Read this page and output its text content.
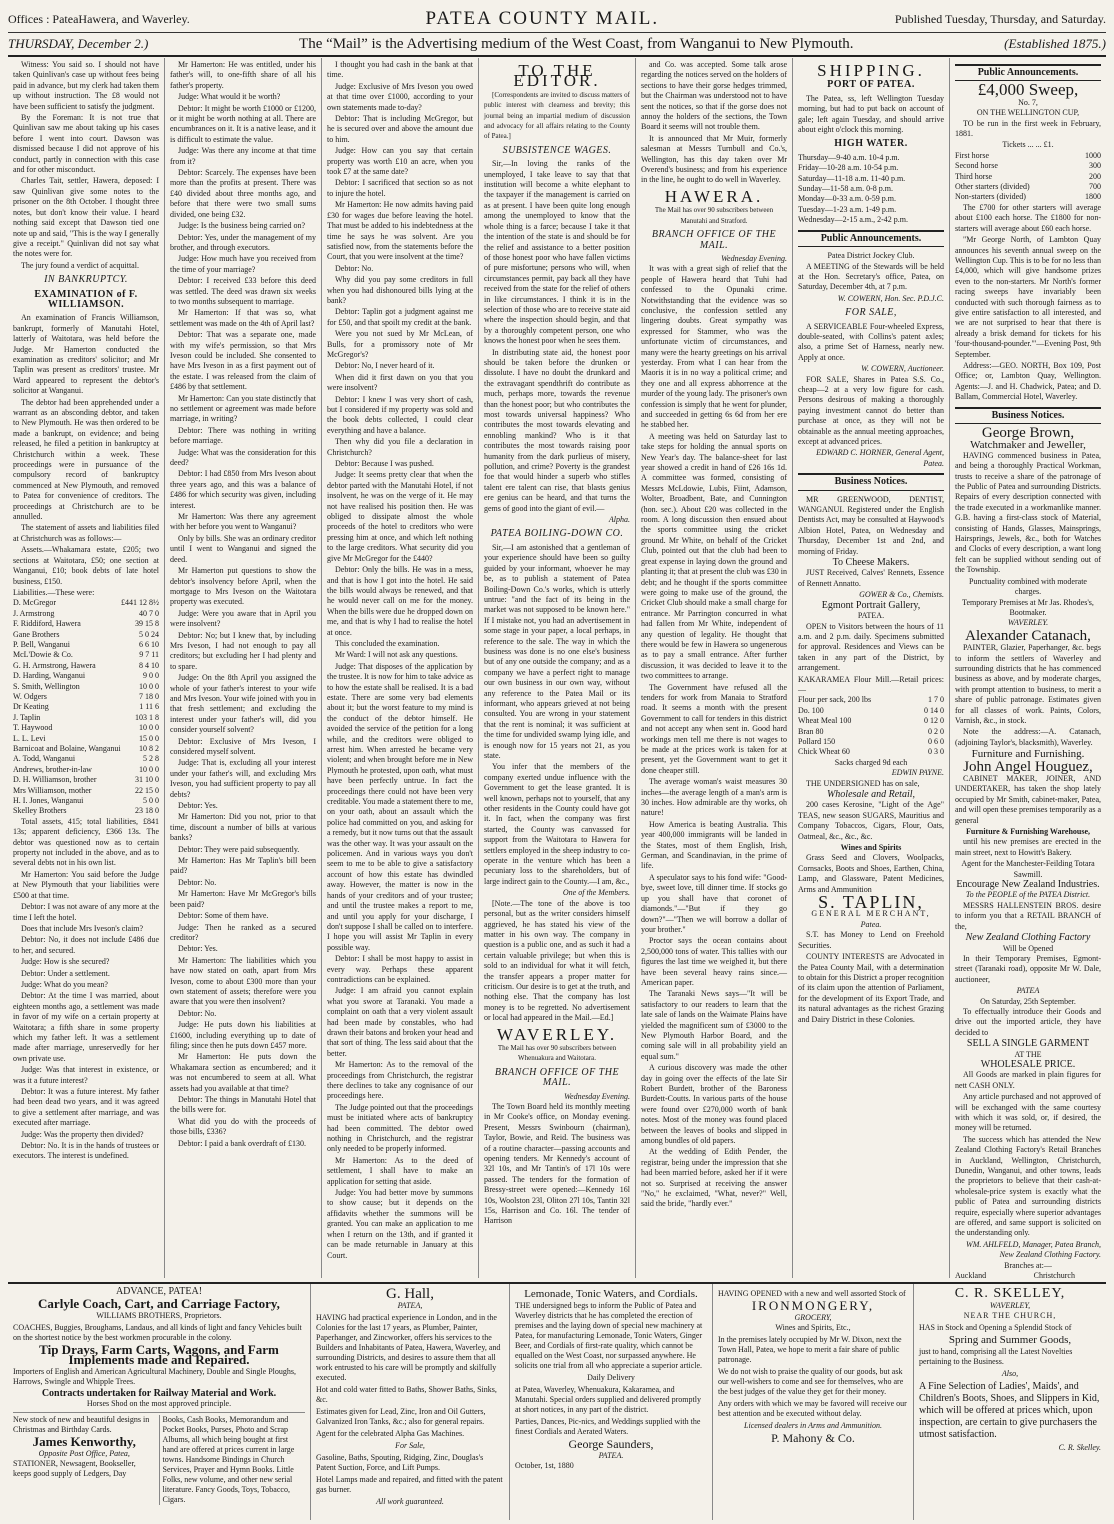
Offices : PateaHawera, and Waverley.	PATEA COUNTY MAIL.	Published Tuesday, Thursday, and Saturday.
THURSDAY, December 2.)	The “Mail” is the Advertising medium of the West Coast, from Wanganui to New Plymouth.	(Established 1875.)

Witness: You said so. I should not have taken Quinlivan's case up without fees being paid in advance, but my clerk had taken them up without instruction. The £8 would not have been sufficient to satisfy the judgment.

By the Foreman: It is not true that Quinlivan saw me about taking up his cases before I went into court. Dawson was dismissed because I did not approve of his conduct, partly in connection with this case and for other misconduct.

Charles Tait, settler, Hawera, deposed: I saw Quinlivan give some notes to the prisoner on the 8th October. I thought three notes, but don't know their value. I heard nothing said except that Dawson tied one note up and said, "This is the way I generally give a receipt." Quinlivan did not say what the notes were for.

The jury found a verdict of acquittal.

IN BANKRUPTCY.
EXAMINATION of F. WILLIAMSON.

An examination of Francis Williamson, bankrupt, formerly of Manutahi Hotel, latterly of Waitotara, was held before the Judge. Mr Hamerton conducted the examination as creditors' solicitor; and Mr Taplin was present as creditors' trustee. Mr Ward appeared to represent the debtor's solicitor at Wanganui.

The debtor had been apprehended under a warrant as an absconding debtor, and taken to New Plymouth. He was then ordered to be made a bankrupt, on evidence; and being released, he filed a petition in bankruptcy at Christchurch within a week. These proceedings were in pursuance of the compulsory record of bankruptcy commenced at New Plymouth, and removed to Patea for convenience of creditors. The proceedings at Christchurch are to be annulled.

The statement of assets and liabilities filed at Christchurch was as follows:—

Assets.—Whakamara estate, £205; two sections at Waitotara, £50; one section at Wanganui, £10; book debts of late hotel business, £150.

Liabilities.—These were:
D. McGregor	£441 12 8½
J. Armstrong	40 7 0
F. Riddiford, Hawera	39 15 8
Gane Brothers	5 0 24
P. Bell, Wanganui	6 6 10
McL'Dowie & Co.	9 7 11
G. H. Armstrong, Hawera	8 4 10
D. Harding, Wanganui	9 0 0
S. Smith, Wellington	10 0 0
W. Odgers	7 18 0
Dr Keating	1 11 6
J. Taplin	103 1 8
T. Haywood	10 0 0
L. L. Levi	15 0 0
Barnicoat and Bolaine, Wanganui	10 8 2
A. Todd, Wanganui	5 2 8
Andrews, brother-in-law	10 0 0
D. H. Williamson, brother	31 10 0
Mrs Williamson, mother	22 15 0
H. I. Jones, Wanganui	5 0 0
Skelley Brothers	23 18 0

Total assets, 415; total liabilities, £841 13s; apparent deficiency, £366 13s. The debtor was questioned now as to certain property not included in the above, and as to several debts not in his own list.

Mr Hamerton: You said before the Judge at New Plymouth that your liabilities were £500 at that time.

Debtor: I was not aware of any more at the time I left the hotel.

Does that include Mrs Iveson's claim?

Debtor: No, it does not include £486 due to her, and secured.

Judge: How is she secured?

Debtor: Under a settlement.

Judge: What do you mean?

Debtor: At the time I was married, about eighteen months ago, a settlement was made in favor of my wife on a certain property at Waitotara; a fifth share in some property which my father left. It was a settlement made after marriage, unreservedly for her own private use.

Judge: Was that interest in existence, or was it a future interest?

Debtor: It was a future interest. My father had been dead two years, and it was agreed to give a settlement after marriage, and was executed after marriage.

Judge: Was the property then divided?

Debtor: No. It is in the hands of trustees or executors. The interest is undefined.

Mr Hamerton: He was entitled, under his father's will, to one-fifth share of all his father's property.

Judge: What would it be worth?

Debtor: It might be worth £1000 or £1200, or it might be worth nothing at all. There are encumbrances on it. It is a native lease, and it is difficult to estimate the value.

Judge: Was there any income at that time from it?

Debtor: Scarcely. The expenses have been more than the profits at present. There was £40 divided about three months ago, and before that there were two small sums divided, one being £32.

Judge: Is the business being carried on?

Debtor: Yes, under the management of my brother, and through executors.

Judge: How much have you received from the time of your marriage?

Debtor: I received £33 before this deed was settled. The deed was drawn six weeks to two months subsequent to marriage.

Mr Hamerton: If that was so, what settlement was made on the 4th of April last?

Debtor: That was a separate one, made with my wife's permission, so that Mrs Iveson could be included. She consented to have Mrs Iveson in as a first payment out of the estate. I was released from the claim of £486 by that settlement.

Mr Hamerton: Can you state distinctly that no settlement or agreement was made before marriage, in writing?

Debtor: There was nothing in writing before marriage.

Judge: What was the consideration for this deed?

Debtor: I had £850 from Mrs Iveson about three years ago, and this was a balance of £486 for which security was given, including interest.

Mr Hamerton: Was there any agreement with her before you went to Wanganui?

Only by bills. She was an ordinary creditor until I went to Wanganui and signed the deed.

Mr Hamerton put questions to show the debtor's insolvency before April, when the mortgage to Mrs Iveson on the Waitotara property was executed.

Judge: Were you aware that in April you were insolvent?

Debtor: No; but I knew that, by including Mrs Iveson, I had not enough to pay all creditors; but excluding her I had plenty and to spare.

Judge: On the 8th April you assigned the whole of your father's interest to your wife and Mrs Iveson. Your wife joined with you in that fresh settlement; and excluding the interest under your father's will, did you consider yourself solvent?

Debtor: Exclusive of Mrs Iveson, I considered myself solvent.

Judge: That is, excluding all your interest under your father's will, and excluding Mrs Iveson, you had sufficient property to pay all debts?

Debtor: Yes.

Mr Hamerton: Did you not, prior to that time, discount a number of bills at various banks?

Debtor: They were paid subsequently.

Mr Hamerton: Has Mr Taplin's bill been paid?

Debtor: No.

Mr Hamerton: Have Mr McGregor's bills been paid?

Debtor: Some of them have.

Judge: Then he ranked as a secured creditor?

Debtor: Yes.

Mr Hamerton: The liabilities which you have now stated on oath, apart from Mrs Iveson, come to about £300 more than your own statement of assets; therefore were you aware that you were then insolvent?

Debtor: No.

Judge: He puts down his liabilities at £1600, including everything up to date of filing; since then he puts down £457 more.

Mr Hamerton: He puts down the Whakamara section as encumbered; and it was not encumbered to seem at all. What assets had you available at that time?

Debtor: The things in Manutahi Hotel that the bills were for.

What did you do with the proceeds of those bills, £336?

Debtor: I paid a bank overdraft of £130.

I thought you had cash in the bank at that time.

Judge: Exclusive of Mrs Iveson you owed at that time over £1000, according to your own statements made to-day?

Debtor: That is including McGregor, but he is secured over and above the amount due to him.

Judge: How can you say that certain property was worth £10 an acre, when you took £7 at the same date?

Debtor: I sacrificed that section so as not to injure the hotel.

Mr Hamerton: He now admits having paid £30 for wages due before leaving the hotel. That must be added to his indebtedness at the time he says he was solvent. Are you satisfied now, from the statements before the Court, that you were insolvent at the time?

Debtor: No.

Why did you pay some creditors in full when you had dishonoured bills lying at the bank?

Debtor: Taplin got a judgment against me for £50, and that spoilt my credit at the bank.

Were you not sued by Mr McLean, of Bulls, for a promissory note of Mr McGregor's?

Debtor: No, I never heard of it.

When did it first dawn on you that you were insolvent?

Debtor: I knew I was very short of cash, but I considered if my property was sold and the book debts collected, I could clear everything and have a balance.

Then why did you file a declaration in Christchurch?

Debtor: Because I was pushed.

Judge: It seems pretty clear that when the debtor parted with the Manutahi Hotel, if not insolvent, he was on the verge of it. He may not have realised his position then. He was obliged to dissipate almost the whole proceeds of the hotel to creditors who were pressing him at once, and which left nothing to the large creditors. What security did you give Mr McGregor for the £440?

Debtor: Only the bills. He was in a mess, and that is how I got into the hotel. He said the bills would always be renewed, and that he would never call on me for the money. When the bills were due he dropped down on me, and that is why I had to realise the hotel at once.

This concluded the examination.

Mr Ward: I will not ask any questions.

Judge: That disposes of the application by the trustee. It is now for him to take advice as to how the estate shall be realised. It is a bad estate. There are some very bad elements about it; but the worst feature to my mind is the conduct of the debtor himself. He avoided the service of the petition for a long while, and the creditors were obliged to arrest him. When arrested he became very violent; and when brought before me in New Plymouth he protested, upon oath, what must have been perfectly untrue. In fact the proceedings there could not have been very creditable. You made a statement there to me, on your oath, about an assault which the police had committed on you, and asking for a remedy, but it now turns out that the assault was the other way. It was your assault on the policemen. And in various ways you don't seem to me to be able to give a satisfactory account of how this estate has dwindled away. However, the matter is now in the hands of your creditors and of your trustee; and until the trustee makes a report to me, and until you apply for your discharge, I don't suppose I shall be called on to interfere. I hope you will assist Mr Taplin in every possible way.

Debtor: I shall be most happy to assist in every way. Perhaps these apparent contradictions can be explained.

Judge: I am afraid you cannot explain what you swore at Taranaki. You made a complaint on oath that a very violent assault had been made by constables, who had drawn their batons and broken your head and that sort of thing. The less said about that the better.

Mr Hamerton: As to the removal of the proceedings from Christchurch, the registrar there declines to take any cognisance of our proceedings here.

The Judge pointed out that the proceedings must be initiated where acts of bankruptcy had been committed. The debtor owed nothing in Christchurch, and the registrar only needed to be properly informed.

Mr Hamerton: As to the deed of settlement, I shall have to make an application for setting that aside.

Judge: You had better move by summons to show cause; but it depends on the affidavits whether the summons will be granted. You can make an application to me when I return on the 13th, and if granted it can be made returnable in January at this Court.

TO THE EDITOR.

[Correspondents are invited to discuss matters of public interest with clearness and brevity; this journal being an impartial medium of discussion and advocacy for all affairs relating to the County of Patea.]

SUBSISTENCE WAGES.

Sir,—In loving the ranks of the unemployed, I take leave to say that that institution will become a white elephant to the taxpayer if the management is carried on as at present. I have been quite long enough among the unemployed to know that the whole thing is a farce; because I take it that the intention of the state is and should be for the relief and assistance to a better position of those honest poor who have fallen victims of pure misfortune; persons who will, when circumstances permit, pay back all they have received from the state for the relief of others in like circumstances. I think it is in the selection of those who are to receive state aid where the inspection should begin, and that by a thoroughly competent person, one who knows the honest poor when he sees them.

In distributing state aid, the honest poor should be taken before the drunken or dissolute. I have no doubt the drunkard and the extravagant spendthrift do contribute as much, perhaps more, towards the revenue than the honest poor; but who contributes the most towards universal happiness? Who contributes the most towards elevating and ennobling mankind? Who is it that contributes the most towards raising poor humanity from the dark purlieus of misery, pollution, and crime? Poverty is the grandest foe that would hinder a superb who stifles talent ere talent can rise, that blasts genius ere genius can be heard, and that turns the gems of good into the giant of evil.—

Alpha.
PATEA BOILING-DOWN CO.

Sir,—I am astonished that a gentleman of your experience should have been so guilty guided by your informant, whoever he may be, as to publish a statement of Patea Boiling-Down Co.'s works, which is utterly untrue: "and the fact of its being in the market was not supposed to be known here." If I mistake not, you had an advertisement in some stage in your paper, a local perhaps, in reference to the sale. The way in which the business was done is no one else's business but of any one outside the company; and as a company we have a perfect right to manage our own business in our own way, without any reference to the Patea Mail or its informant, who appears grieved at not being consulted. You are wrong in your statement that the rent is nominal; it was sufficient at the time for undivided swamp lying idle, and is enough now for 15 years not 21, as you state.

You infer that the members of the company exerted undue influence with the Government to get the lease granted. It is well known, perhaps not to yourself, that any other residents in the County could have got it. In fact, when the company was first started, the County was canvassed for support from the Waitotara to Hawera for settlers employed in the sheep industry to co-operate in the venture which has been a pecuniary loss to the shareholders, but of large indirect gain to the County.—I am, &c.,

One of the Members.

[Note.—The tone of the above is too personal, but as the writer considers himself aggrieved, he has stated his view of the matter in his own way. The company in question is a public one, and as such it had a certain valuable privilege; but when this is sold to an individual for what it will fetch, the transfer appears a proper matter for criticism. Our desire is to get at the truth, and nothing else. That the company has lost money is to be regretted. No advertisement or local had appeared in the Mail.—Ed.]

WAVERLEY.
The Mail has over 90 subscribers between Whenuakura and Waitotara.
BRANCH OFFICE OF THE MAIL.
Wednesday Evening.

The Town Board held its monthly meeting in Mr Cooke's office, on Monday evening. Present, Messrs Swinbourn (chairman), Taylor, Bowie, and Reid. The business was of a routine character—passing accounts and opening tenders. Mr Kennedy's account of 32l 10s, and Mr Tantin's of 17l 10s were passed. The tenders for the formation of Bressy-street were opened:—Kennedy 16l 10s, Woolston 23l, Oliton 27l 10s, Tantin 32l 15s, Harrison and Co. 16l. The tender of Harrison

and Co. was accepted. Some talk arose regarding the notices served on the holders of sections to have their gorse hedges trimmed, but the Chairman was understood not to have sent the notices, so that if the gorse does not annoy the holders of the sections, the Town Board it seems will not trouble them.

It is announced that Mr Muir, formerly salesman at Messrs Turnbull and Co.'s, Wellington, has this day taken over Mr Overend's business; and from his experience in the line, he ought to do well in Waverley.

HAWERA.
The Mail has over 90 subscribers between Manutahi and Stratford.
BRANCH OFFICE OF THE MAIL.
Wednesday Evening.

It was with a great sigh of relief that the people of Hawera heard that Tuhi had confessed to the Opunaki crime. Notwithstanding that the evidence was so conclusive, the confession settled any lingering doubts. Great sympathy was expressed for Stammer, who was the unfortunate victim of circumstances, and many were the hearty greetings on his arrival yesterday. From what I can hear from the Maoris it is in no way a political crime; and they one and all express abhorrence at the murder of the young lady. The prisoner's own confession is simply that he went for plunder, and succeeded in getting 6s 6d from her ere he stabbed her.

A meeting was held on Saturday last to take steps for holding the annual sports on New Year's day. The balance-sheet for last year showed a credit in hand of £26 16s 1d. A committee was formed, consisting of Messrs McLdowie, Lubis, Fiint, Adamson, Wolter, Broadbent, Bate, and Cunnington (hon. sec.). About £20 was collected in the room. A long discussion then ensued about the sports committee using the cricket ground. Mr White, on behalf of the Cricket Club, pointed out that the club had been to great expense in laying down the ground and planting it; that at present the club was £30 in debt; and he thought if the sports committee were going to make use of the ground, the Cricket Club should make a small charge for entrance. Mr Parrington concurred in what had fallen from Mr White, independent of any question of legality. He thought that there would be few in Hawera so ungenerous as to pay a small entrance. After further discussion, it was decided to leave it to the two committees to arrange.

The Government have refused all the tenders for work from Manaia to Stratford road. It seems a month with the present Government to call for tenders in this district and not accept any when sent in. Good hard workings men tell me there is not wages to be made at the prices work is taken for at present, yet the Government want to get it done cheaper still.

The average woman's waist measures 30 inches—the average length of a man's arm is 30 inches. How admirable are thy works, oh nature!

How America is beating Australia. This year 400,000 immigrants will be landed in the States, most of them English, Irish, German, and Scandinavian, in the prime of life.

A speculator says to his fond wife: "Good-bye, sweet love, till dinner time. If stocks go up you shall have that coronet of diamonds."—"But if they go down?"—"Then we will borrow a dollar of your brother."

Proctor says the ocean contains about 2,500,000 tons of water. This tallies with our figures the last time we weighed it, but there have been several heavy rains since.—American paper.

The Taranaki News says—"It will be satisfactory to our readers to learn that the late sale of lands on the Waimate Plains have yielded the magnificent sum of £3000 to the New Plymouth Harbor Board, and the coming sale will in all probability yield an equal sum."

A curious discovery was made the other day in going over the effects of the late Sir Robert Burdett, brother of the Baroness Burdett-Coutts. In various parts of the house were found over £270,000 worth of bank notes. Most of the money was found placed between the leaves of books and slipped in among bundles of old papers.

At the wedding of Edith Pender, the registrar, being under the impression that she had been married before, asked her if it were not so. Surprised at receiving the answer "No," he exclaimed, "What, never?" Well, said the bride, "hardly ever."

SHIPPING.
PORT OF PATEA.

The Patea, ss, left Wellington Tuesday morning, but had to put back on account of gale; left again Tuesday, and should arrive about eight o'clock this morning.

HIGH WATER.
Thursday—9-40 a.m. 10-4 p.m.
Friday—10-28 a.m. 10-54 p.m.
Saturday—11-18 a.m. 11-40 p.m.
Sunday—11-58 a.m. 0-8 p.m.
Monday—0-33 a.m. 0-59 p.m.
Tuesday—1-23 a.m. 1-49 p.m.
Wednesday—2-15 a.m., 2-42 p.m.
Public Announcements.
Patea District Jockey Club.

A MEETING of the Stewards will be held at the Hon. Secretary's office, Patea, on Saturday, December 4th, at 7 p.m.

W. COWERN, Hon. Sec. P.D.J.C.
FOR SALE,

A SERVICEABLE Four-wheeled Express, double-seated, with Collins's patent axles; also, a prime Set of Harness, nearly new. Apply at once.

W. COWERN, Auctioneer.

FOR SALE, Shares in Patea S.S. Co., cheap—2 at a very low figure for cash. Persons desirous of making a thoroughly paying investment cannot do better than purchase at once, as they will not be obtainable as the annual meeting approaches, except at advanced prices.

EDWARD C. HORNER, General Agent, Patea.
Business Notices.

MR GREENWOOD, DENTIST, WANGANUI. Registered under the English Dentists Act, may be consulted at Haywood's Albion Hotel, Patea, on Wednesday and Thursday, December 1st and 2nd, and morning of Friday.

To Cheese Makers.

JUST Received, Calves' Rennets, Essence of Rennett Annatto.

GOWER & Co., Chemists.
Egmont Portrait Gallery,
PATEA.

OPEN to Visitors between the hours of 11 a.m. and 2 p.m. daily. Specimens submitted for approval. Residences and Views can be taken in any part of the District, by arrangement.

KAKARAMEA Flour Mill.—Retail prices:—
Flour per sack, 200 lbs	1 7 0
Do. 100	0 14 0
Wheat Meal 100	0 12 0
Bran 80	0 2 0
Pollard 150	0 6 0
Chick Wheat 60	0 3 0
Sacks charged 9d each
EDWIN PAYNE.

THE UNDERSIGNED has on sale,

Wholesale and Retail,

200 cases Kerosine, "Light of the Age" TEAS, new season SUGARS, Mauritius and Company Tobaccos, Cigars, Flour, Oats, Oatmeal, &c., &c., &c.

Wines and Spirits

Grass Seed and Clovers, Woolpacks, Cornsacks, Boots and Shoes, Earthen, China, Lamp, and Glassware, Patent Medicines, Arms and Ammunition

S. TAPLIN,
GENERAL MERCHANT,
Patea.

S.T. has Money to Lend on Freehold Securities.

COUNTY INTERESTS are Advocated in the Patea County Mail, with a determination to obtain for this District a proper recognition of its claim upon the attention of Parliament, for the development of its Export Trade, and its natural advantages as the richest Grazing and Dairy District in these Colonies.

Public Announcements.
£4,000 Sweep,
No. 7,
ON THE WELLINGTON CUP,

TO be run in the first week in February, 1881.

Tickets ... ... £1.
First horse	1000
Second horse	300
Third horse	200
Other starters (divided)	700
Non-starters (divided)	1800

The £700 for other starters will average about £100 each horse. The £1800 for non-starters will average about £60 each horse.

"Mr George North, of Lambton Quay announces his seventh annual sweep on the Wellington Cup. This is to be for no less than £4,000, which will give handsome prizes even to the non-starters. Mr North's former racing sweeps have invariably been conducted with such thorough fairness as to give entire satisfaction to all interested, and we are not surprised to hear that there is already a brisk demand for tickets for his 'four-thousand-pounder.'"—Evening Post, 9th September.

Address:—GEO. NORTH, Box 109, Post Office; or, Lambton Quay, Wellington. Agents:—J. and H. Chadwick, Patea; and D. Ballam, Commercial Hotel, Waverley.

Business Notices.
George Brown,
Watchmaker and Jeweller,

HAVING commenced business in Patea, and being a thoroughly Practical Workman, trusts to receive a share of the patronage of the Public of Patea and surrounding Districts. Repairs of every description connected with the trade executed in a workmanlike manner. G.B. having a first-class stock of Material, consisting of Hands, Glasses, Mainsprings, Hairsprings, Jewels, &c., both for Watches and Clocks of every description, a want long felt can be supplied without sending out of the Township.

Punctuality combined with moderate charges.
Temporary Premises at Mr Jas. Rhodes's, Bootmaker.
WAVERLEY.
Alexander Catanach,

PAINTER, Glazier, Paperhanger, &c. begs to inform the settlers of Waverley and surrounding districts that he has commenced business as above, and by moderate charges, with prompt attention to business, to merit a share of public patronage. Estimates given for all classes of work. Paints, Colors, Varnish, &c., in stock.

Note the address:—A. Catanach, (adjoining Taylor's, blacksmith), Waverley.

Furniture and Furnishing.
John Angel Houguez,

CABINET MAKER, JOINER, AND UNDERTAKER, has taken the shop lately occupied by Mr Smith, cabinet-maker, Patea, and will open these premises temporarily as a general

Furniture & Furnishing Warehouse,

until his new premises are erected in the main street, next to Howitt's Bakery.

Agent for the Manchester-Feilding Totara Sawmill.
Encourage New Zealand Industries.
To the PEOPLE of the PATEA District.

MESSRS HALLENSTEIN BROS. desire to inform you that a RETAIL BRANCH of the,

New Zealand Clothing Factory
Will be Opened

In their Temporary Premises, Egmont-street (Taranaki road), opposite Mr W. Dale, auctioneer,

PATEA
On Saturday, 25th September.

To effectually introduce their Goods and drive out the imported article, they have decided to

SELL A SINGLE GARMENT
AT THE
WHOLESALE PRICE.

All Goods are marked in plain figures for nett CASH ONLY.

Any article purchased and not approved of will be exchanged with the same courtesy with which it was sold, or, if desired, the money will be returned.

The success which has attended the New Zealand Clothing Factory's Retail Branches in Auckland, Wellington, Christchurch, Dunedin, Wanganui, and other towns, leads the proprietors to believe that their cash-at-wholesale-price system is exactly what the public of Patea and surrounding districts require, especially where superior advantages are offered, and same support is solicited on the understanding only.

WM. AHLFELD, Manager, Patea Branch, New Zealand Clothing Factory.
Branches at:—
Auckland	Christchurch

ADVANCE, PATEA!
Carlyle Coach, Cart, and Carriage Factory,
WILLIAMS BROTHERS, Proprietors.

COACHES, Buggies, Broughams, Landaus, and all kinds of light and fancy Vehicles built on the shortest notice by the best workmen procurable in the colony.

Tip Drays, Farm Carts, Wagons, and Farm Implements made and Repaired.

Importers of English and American Agricultural Machinery, Double and Single Ploughs, Harrows, Swingle and Whipple Trees.

Contracts undertaken for Railway Material and Work.
Horses Shod on the most approved principle.
New stock of new and beautiful designs in Christmas and Birthday Cards.
James Kenworthy,
Opposite Post Office, Patea,
STATIONER, Newsagent, Bookseller, keeps good supply of Ledgers, Day
Books, Cash Books, Memorandum and Pocket Books, Purses, Photo and Scrap Albums, all which being bought at first hand are offered at prices current in large towns. Handsome Bindings in Church Services, Prayer and Hymn Books. Little Folks, new volume, and other new serial literature. Fancy Goods, Toys, Tobacco, Cigars.
G. Hall,
PATEA,

HAVING had practical experience in London, and in the Colonies for the last 17 years, as Plumber, Painter, Paperhanger, and Zincworker, offers his services to the Builders and Inhabitants of Patea, Hawera, Waverley, and surrounding Districts, and desires to assure them that all work entrusted to his care will be promptly and skilfully executed.

Hot and cold water fitted to Baths, Shower Baths, Sinks, &c.

Estimates given for Lead, Zinc, Iron and Oil Gutters, Galvanized Iron Tanks, &c.; also for general repairs.

Agent for the celebrated Alpha Gas Machines.

For Sale,

Gasoline, Baths, Spouting, Ridging, Zinc, Douglas's Patent Suction, Force, and Lift Pumps.

Hotel Lamps made and repaired, and fitted with the patent gas burner.

All work guaranteed.
Lemonade, Tonic Waters, and Cordials.

THE undersigned begs to inform the Public of Patea and Waverley districts that he has completed the erection of premises and the laying down of special new machinery at Patea, for manufacturing Lemonade, Tonic Waters, Ginger Beer, and Cordials of first-rate quality, which cannot be equalled on the West Coast, nor surpassed anywhere. He solicits one trial from all who appreciate a superior article.

Daily Delivery

at Patea, Waverley, Whenuakura, Kakaramea, and Manutahi. Special orders supplied and delivered promptly at short notices, in any part of the district.

Parties, Dances, Pic-nics, and Weddings supplied with the finest Cordials and Aerated Waters.

George Saunders,
PATEA.
October, 1st, 1880

HAVING OPENED with a new and well assorted Stock of

IRONMONGERY,
GROCERY,
Wines and Spirits, Etc.,

In the premises lately occupied by Mr W. Dixon, next the Town Hall, Patea, we hope to merit a fair share of public patronage.

We do not wish to praise the quality of our goods, but ask our well-wishers to come and see for themselves, who are the best judges of the value they get for their money.

Any orders with which we may be favored will receive our best attention and be executed without delay.

Licensed dealers in Arms and Ammunition.
P. Mahony & Co.
C. R. SKELLEY,
WAVERLEY,
NEAR THE CHURCH,

HAS in Stock and Opening a Splendid Stock of

Spring and Summer Goods,

just to hand, comprising all the Latest Novelties pertaining to the Business.

Also,

A Fine Selection of Ladies', Maids', and Children's Boots, Shoes, and Slippers in Kid, which will be offered at prices which, upon inspection, are certain to give purchasers the utmost satisfaction.

C. R. Skelley.
